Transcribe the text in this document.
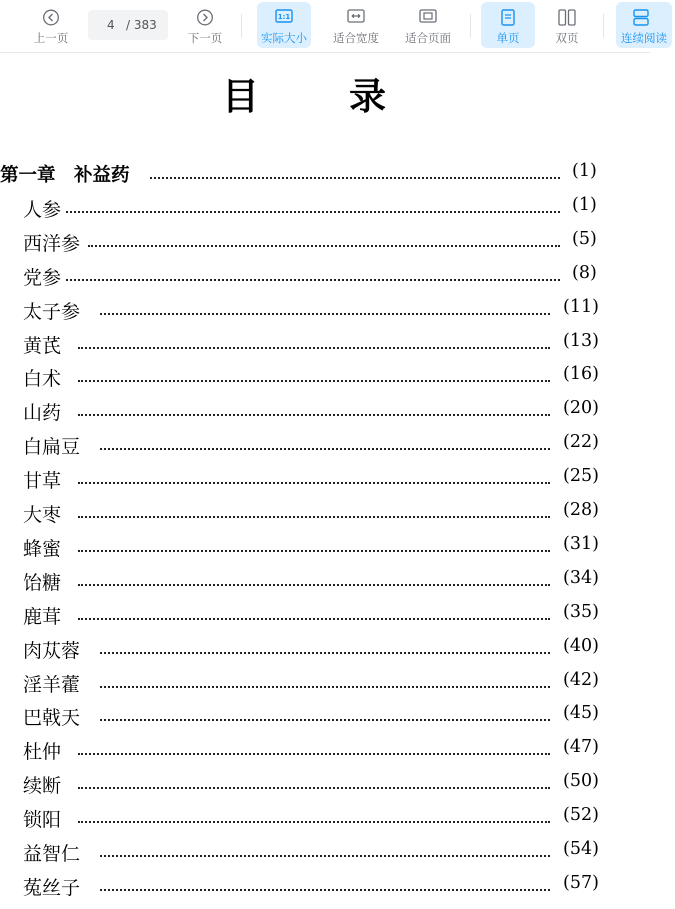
上一页
4 / 383
下一页
1:1
实际大小	适合宽度	适合页面	单页	双页	连续阅读
目 录
第一章　补益药	(1)
人参	(1)
西洋参	(5)
党参	(8)
太子参	(11)
黄芪	(13)
白术	(16)
山药	(20)
白扁豆	(22)
甘草	(25)
大枣	(28)
蜂蜜	(31)
饴糖	(34)
鹿茸	(35)
肉苁蓉	(40)
淫羊藿	(42)
巴戟天	(45)
杜仲	(47)
续断	(50)
锁阳	(52)
益智仁	(54)
菟丝子	(57)
